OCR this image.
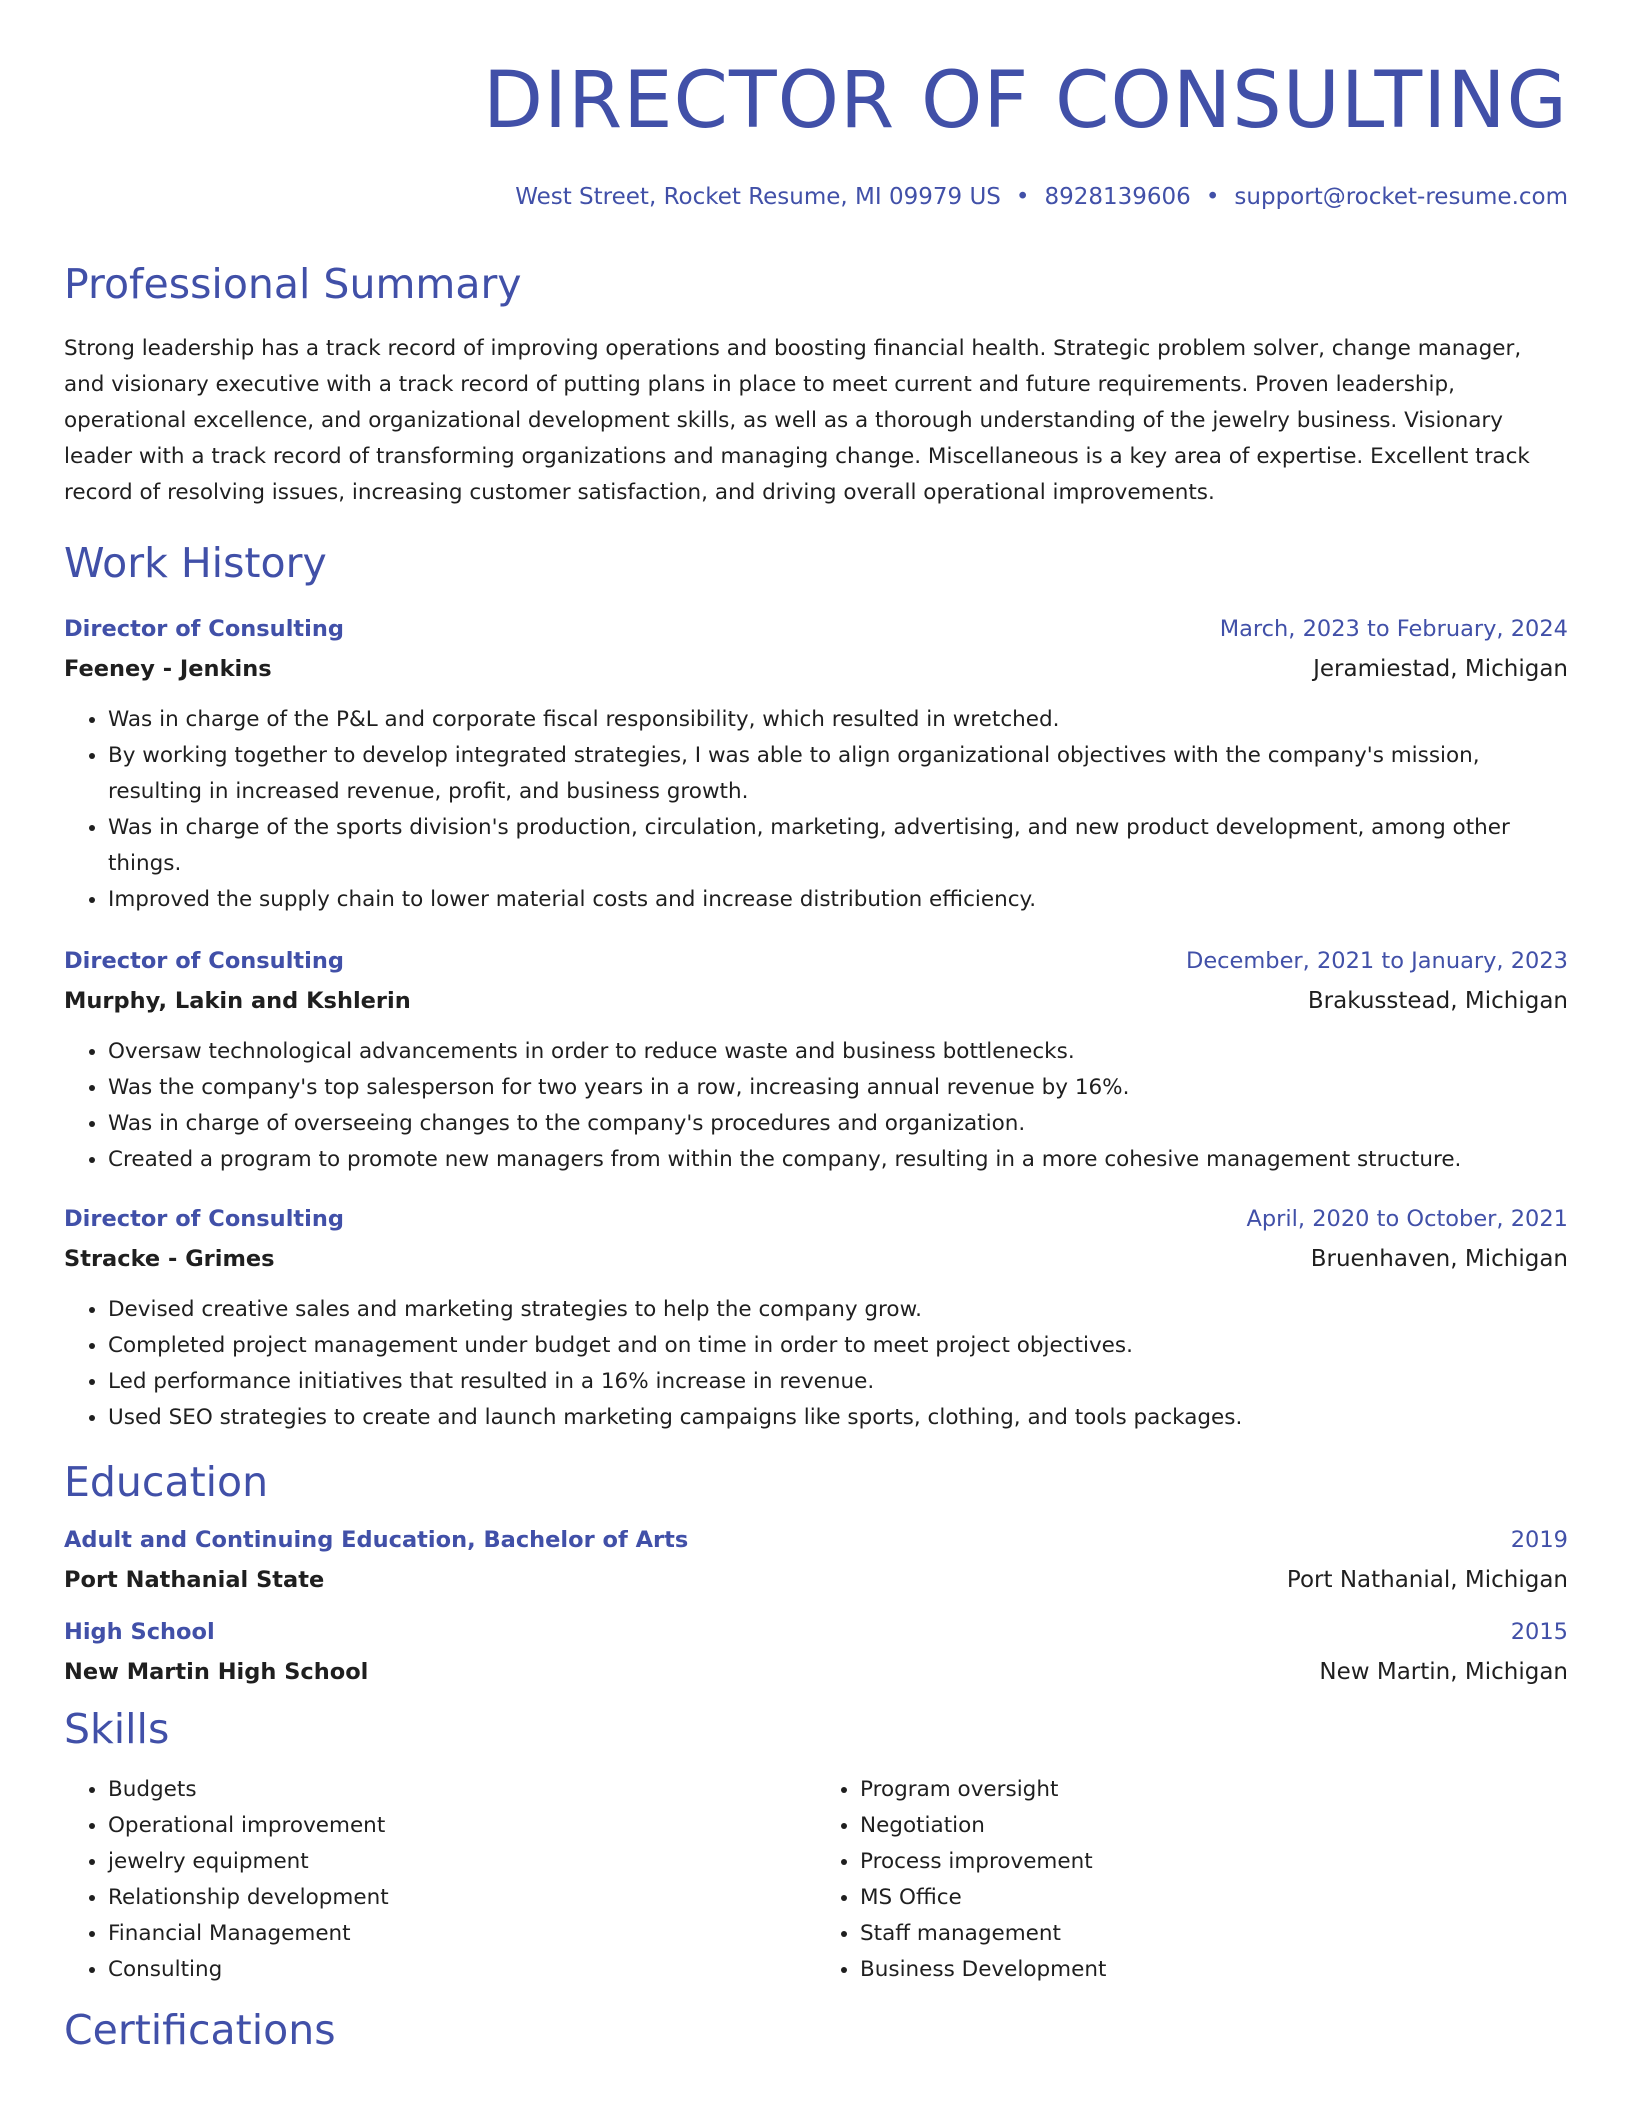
DIRECTOR OF CONSULTING
West Street, Rocket Resume, MI 09979 US • 8928139606 • support@rocket-resume.com
Professional Summary
Strong leadership has a track record of improving operations and boosting financial health. Strategic problem solver, change manager, and visionary executive with a track record of putting plans in place to meet current and future requirements. Proven leadership, operational excellence, and organizational development skills, as well as a thorough understanding of the jewelry business. Visionary leader with a track record of transforming organizations and managing change. Miscellaneous is a key area of expertise. Excellent track record of resolving issues, increasing customer satisfaction, and driving overall operational improvements.
Work History
Director of Consulting	March, 2023 to February, 2024
Feeney - Jenkins	Jeramiestad, Michigan
• Was in charge of the P&L and corporate fiscal responsibility, which resulted in wretched.
• By working together to develop integrated strategies, I was able to align organizational objectives with the company's mission, resulting in increased revenue, profit, and business growth.
• Was in charge of the sports division's production, circulation, marketing, advertising, and new product development, among other things.
• Improved the supply chain to lower material costs and increase distribution efficiency.
Director of Consulting	December, 2021 to January, 2023
Murphy, Lakin and Kshlerin	Brakusstead, Michigan
• Oversaw technological advancements in order to reduce waste and business bottlenecks.
• Was the company's top salesperson for two years in a row, increasing annual revenue by 16%.
• Was in charge of overseeing changes to the company's procedures and organization.
• Created a program to promote new managers from within the company, resulting in a more cohesive management structure.
Director of Consulting	April, 2020 to October, 2021
Stracke - Grimes	Bruenhaven, Michigan
• Devised creative sales and marketing strategies to help the company grow.
• Completed project management under budget and on time in order to meet project objectives.
• Led performance initiatives that resulted in a 16% increase in revenue.
• Used SEO strategies to create and launch marketing campaigns like sports, clothing, and tools packages.
Education
Adult and Continuing Education, Bachelor of Arts	2019
Port Nathanial State	Port Nathanial, Michigan
High School	2015
New Martin High School	New Martin, Michigan
Skills
• Budgets
• Operational improvement
• jewelry equipment
• Relationship development
• Financial Management
• Consulting
• Program oversight
• Negotiation
• Process improvement
• MS Office
• Staff management
• Business Development
Certifications
